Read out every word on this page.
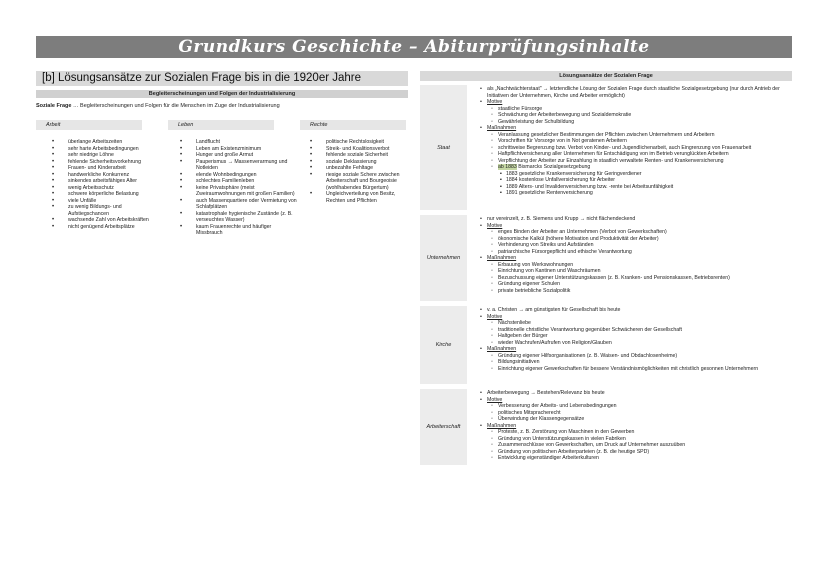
Grundkurs Geschichte – Abiturprüfungsinhalte
[b] Lösungsansätze zur Sozialen Frage bis in die 1920er Jahre
Begleiterscheinungen und Folgen der Industrialisierung
Soziale Frage … Begleiterscheinungen und Folgen für die Menschen im Zuge der Industrialisierung
Arbeit	Leben	Rechte
• überlange Arbeitszeiten
• sehr harte Arbeitsbedingungen
• sehr niedrige Löhne
• fehlende Sicherheitsvorkehrung
• Frauen- und Kinderarbeit
• handwerkliche Konkurrenz
• sinkendes arbeitsfähiges Alter
• wenig Arbeitsschutz
• schwere körperliche Belastung
• viele Unfälle
• zu wenig Bildungs- und Aufstiegschancen
• wachsende Zahl von Arbeitskräften
• nicht genügend Arbeitsplätze
• Landflucht
• Leben am Existenzminimum
• Hunger und große Armut
• Pauperismus → Massenverarmung und Notleiden
• elende Wohnbedingungen
• schlechtes Familienleben
• keine Privatsphäre (meist Zweiraumwohnungen mit großen Familien)
• auch Massenquartiere oder Vermietung von Schlafplätzen
• katastrophale hygienische Zustände (z. B. verseuchtes Wasser)
• kaum Frauenrechte und häufiger Missbrauch
• politische Rechtslosigkeit
• Streik- und Koalitionsverbot
• fehlende soziale Sicherheit
• soziale Deklassierung
• unbezahlte Fehltage
• riesige soziale Schere zwischen Arbeiterschaft und Bourgeoisie (wohlhabendes Bürgertum)
• Ungleichverteilung von Besitz, Rechten und Pflichten
Lösungsansätze der Sozialen Frage
Staat
• als „Nachtwächterstaat" → letztendliche Lösung der Sozialen Frage durch staatliche Sozialgesetzgebung (nur durch Antrieb der Initiativen der Unternehmen, Kirche und Arbeiter ermöglicht)
• Motive
◦ staatliche Fürsorge
◦ Schwächung der Arbeiterbewegung und Sozialdemokratie
◦ Gewährleistung der Schulbildung
• Maßnahmen
◦ Veranlassung gesetzlicher Bestimmungen der Pflichten zwischen Unternehmern und Arbeitern
◦ Vorschriften für Vorsorge von in Not geratenen Arbeitern
◦ schrittweise Begrenzung bzw. Verbot von Kinder- und Jugendlichenarbeit, auch Eingrenzung von Frauenarbeit
◦ Haftpflichtversicherung aller Unternehmen für Entschädigung von im Betrieb verunglückten Arbeitern
◦ Verpflichtung der Arbeiter zur Einzahlung in staatlich verwaltete Renten- und Krankenversicherung
◦ ab 1883 Bismarcks Sozialgesetzgebung
▪ 1883 gesetzliche Krankenversicherung für Geringverdiener
▪ 1884 kostenlose Unfallversicherung für Arbeiter
▪ 1889 Alters- und Invalidenversicherung bzw. -rente bei Arbeitsunfähigkeit
▪ 1891 gesetzliche Rentenversicherung
Unternehmen
• nur vereinzelt, z. B. Siemens und Krupp → nicht flächendeckend
• Motive
◦ enges Binden der Arbeiter an Unternehmen (Verbot von Gewerkschaften)
◦ ökonomische Kalkül (höhere Motivation und Produktivität der Arbeiter)
◦ Verhinderung von Streiks und Aufständen
◦ patriarchische Fürsorgepflicht und ethische Verantwortung
• Maßnahmen
◦ Erbauung von Werkswohnungen
◦ Einrichtung von Kantinen und Waschräumen
◦ Bezuschussung eigener Unterstützungskassen (z. B. Kranken- und Pensionskassen, Betriebsrenten)
◦ Gründung eigener Schulen
◦ private betriebliche Sozialpolitik
Kirche
• v. a. Christen → am günstigsten für Gesellschaft bis heute
• Motive
◦ Nächstenliebe
◦ traditionelle christliche Verantwortung gegenüber Schwächeren der Gesellschaft
◦ Haltgeben der Bürger
◦ wieder Wachrufen/Aufrufen von Religion/Glauben
• Maßnahmen
◦ Gründung eigener Hilfsorganisationen (z. B. Waisen- und Obdachlosenheime)
◦ Bildungsinitiativen
◦ Einrichtung eigener Gewerkschaften für bessere Verständnismöglichkeiten mit christlich gesonnen Unternehmern
Arbeiterschaft
• Arbeiterbewegung → Bestehen/Relevanz bis heute
• Motive
◦ Verbesserung der Arbeits- und Lebensbedingungen
◦ politisches Mitspracherecht
◦ Überwindung der Klassengegensätze
• Maßnahmen
◦ Proteste, z. B. Zerstörung von Maschinen in den Gewerben
◦ Gründung von Unterstützungskassen in vielen Fabriken
◦ Zusammenschlüsse von Gewerkschaften, um Druck auf Unternehmer auszuüben
◦ Gründung von politischen Arbeiterparteien (z. B. die heutige SPD)
◦ Entwicklung eigenständiger Arbeiterkulturen
